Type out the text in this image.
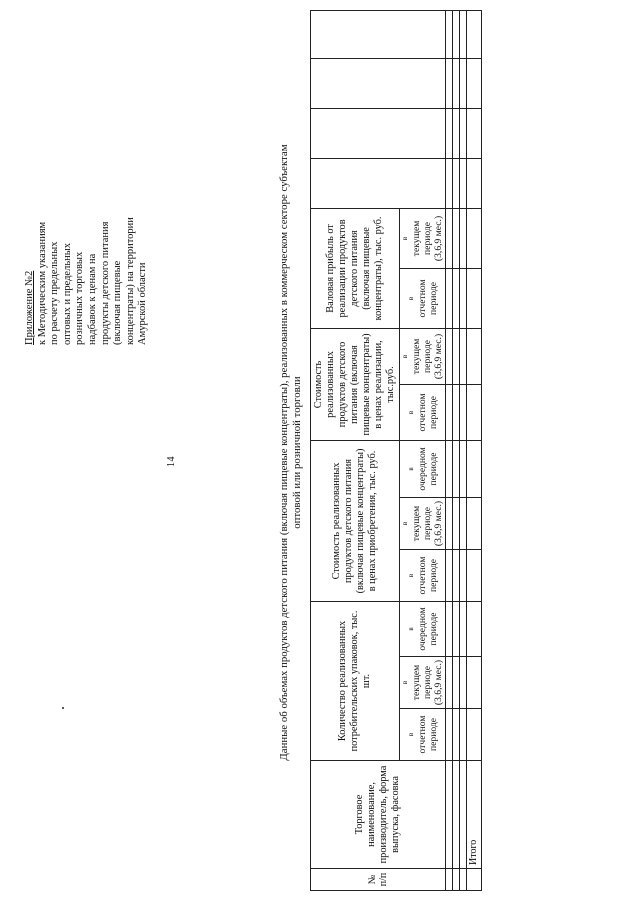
14
Приложение №2 к Методическим указаниям по расчету предельных оптовых и предельных розничных торговых надбавок к ценам на продукты детского питания (включая пищевые концентраты) на территории Амурской области	Данные об объемах продуктов детского питания (включая пищевые концентраты), реализованных в коммерческом секторе субъектам оптовой или розничной торговли
№ п/п	Торговое наименование, производитель, форма выпуска, фасовка	Количество реализованных потребительских упаковок, тыс. шт.			Стоимость реализованных продуктов детского питания (включая пищевые концентраты) в ценах приобретения, тыс. руб.			Стоимость реализованных продуктов детского питания (включая пищевые концентраты) в ценах реализации, тыс.руб.		Валовая прибыль от реализации продуктов детского питания (включая пищевые концентраты), тыс. руб.					

		в отчетном периоде	в текущем периоде (3,6,9 мес.)	в очередном периоде	в отчетном периоде	в текущем периоде (3,6,9 мес.)	в очередном периоде	в отчетном периоде	в текущем периоде (3,6,9 мес.)	в отчетном периоде	в текущем периоде (3,6,9 мес.)				

	Итого														
